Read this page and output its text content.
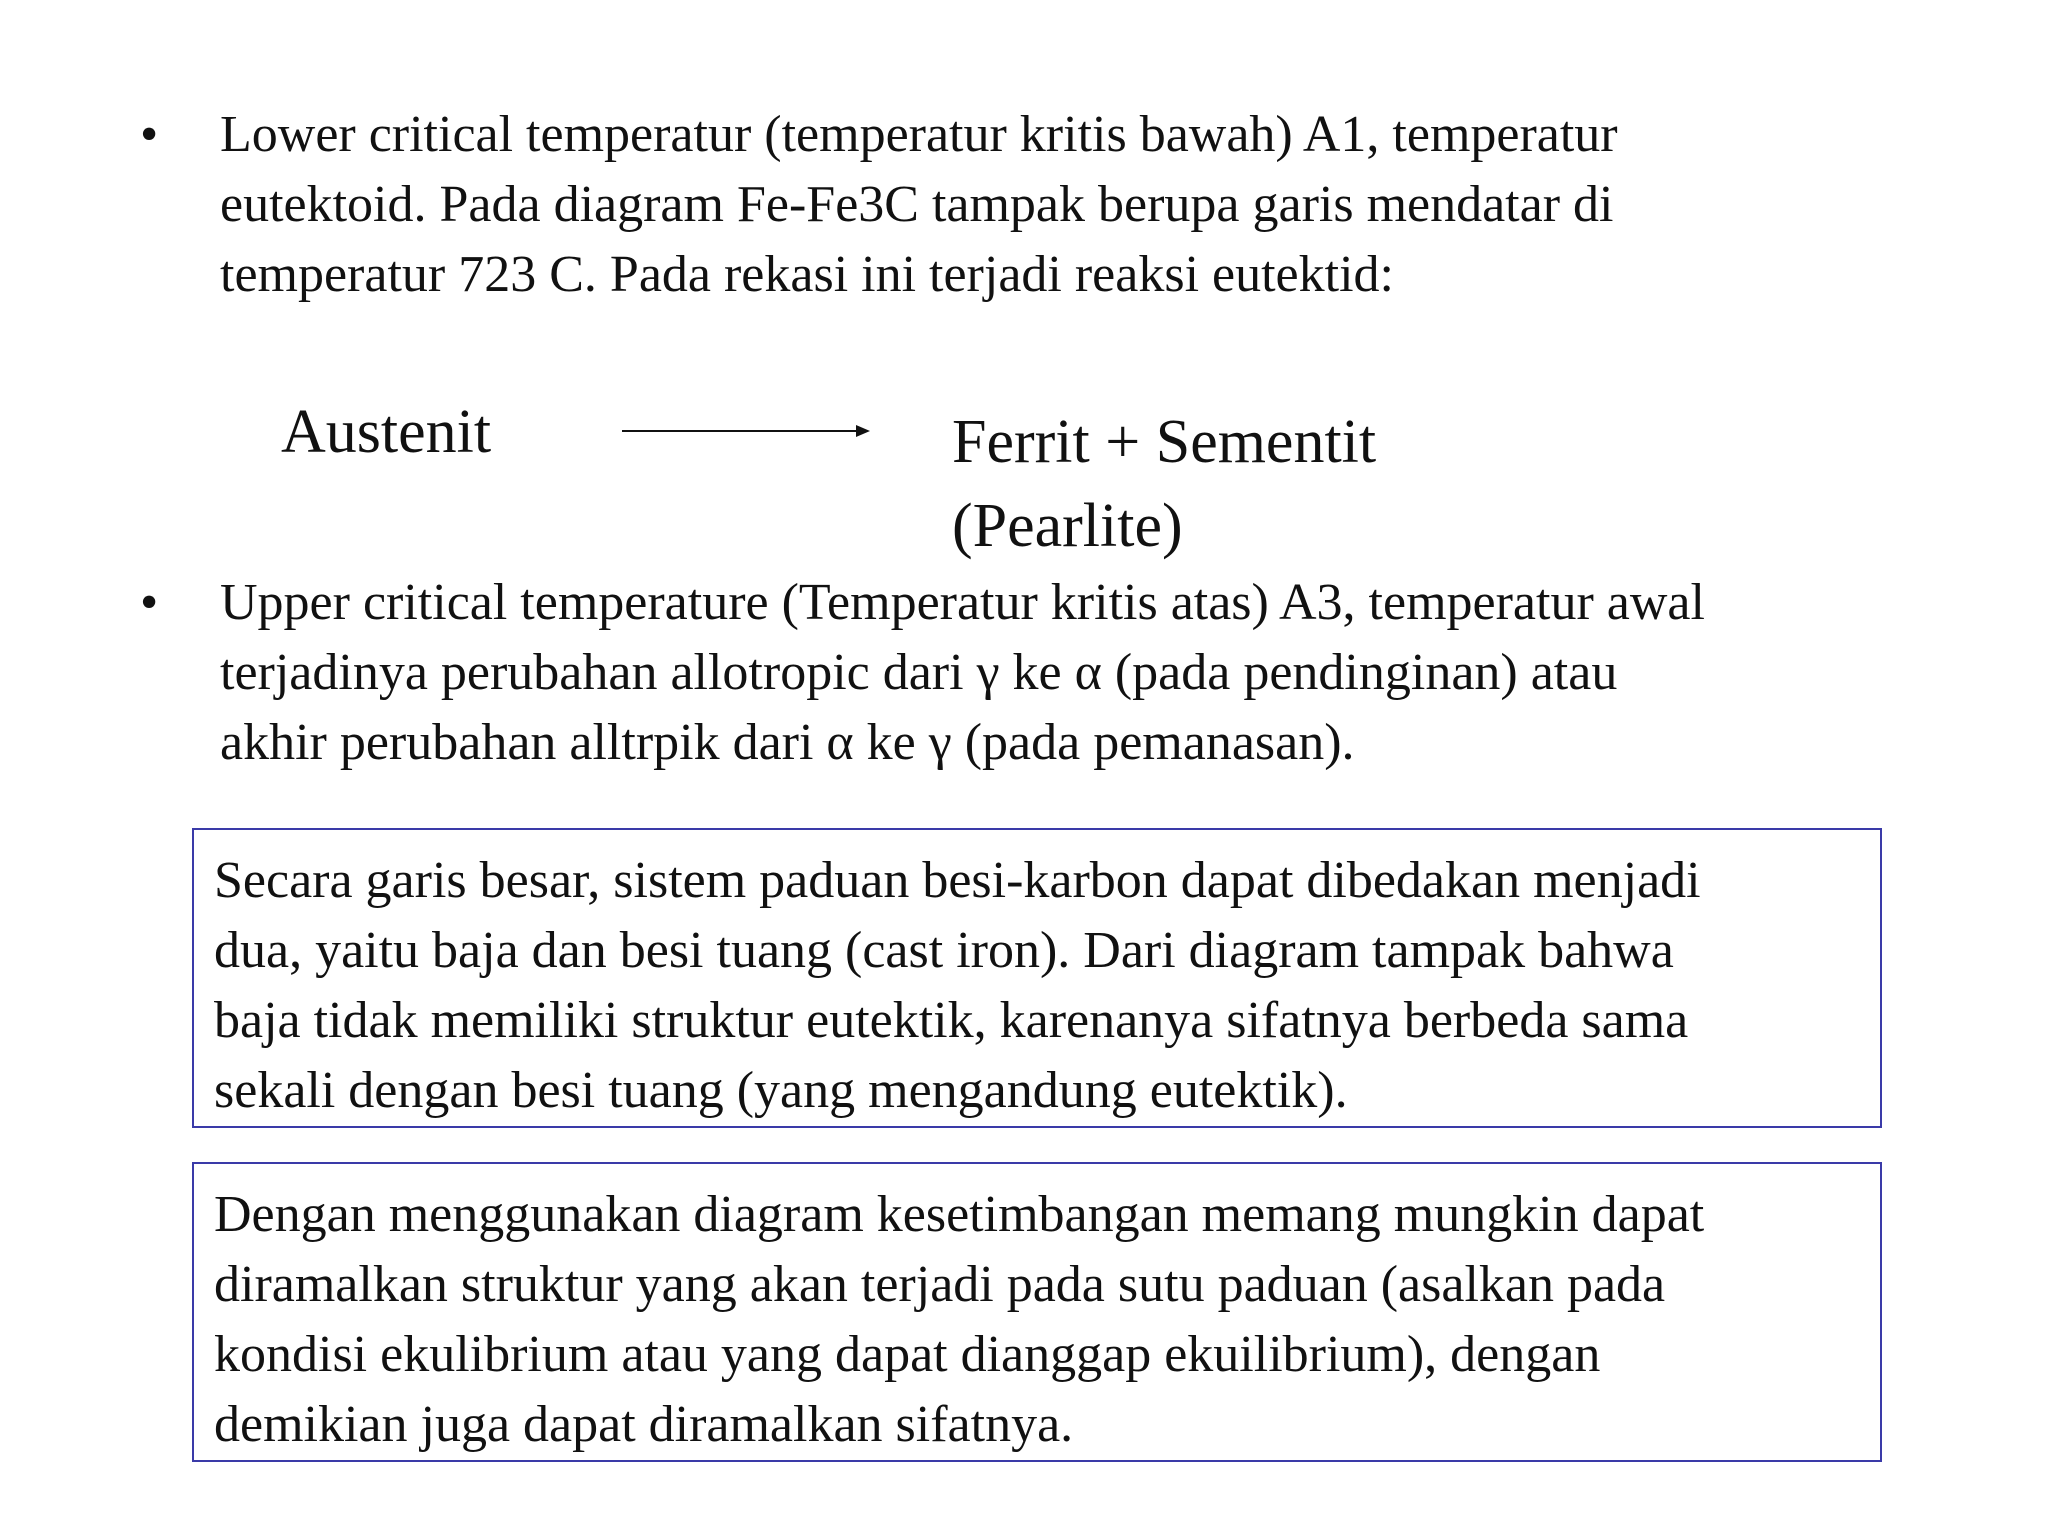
• Lower critical temperatur (temperatur kritis bawah) A1, temperatur
eutektoid. Pada diagram Fe-Fe3C tampak berupa garis mendatar di
temperatur 723 C. Pada rekasi ini terjadi reaksi eutektid:
Austenit	Ferrit + Sementit
(Pearlite)
• Upper critical temperature (Temperatur kritis atas) A3, temperatur awal
terjadinya perubahan allotropic dari γ ke α (pada pendinginan) atau
akhir perubahan alltrpik dari α ke γ (pada pemanasan).
Secara garis besar, sistem paduan besi-karbon dapat dibedakan menjadi
dua, yaitu baja dan besi tuang (cast iron). Dari diagram tampak bahwa
baja tidak memiliki struktur eutektik, karenanya sifatnya berbeda sama
sekali dengan besi tuang (yang mengandung eutektik).
Dengan menggunakan diagram kesetimbangan memang mungkin dapat
diramalkan struktur yang akan terjadi pada sutu paduan (asalkan pada
kondisi ekulibrium atau yang dapat dianggap ekuilibrium), dengan
demikian juga dapat diramalkan sifatnya.
